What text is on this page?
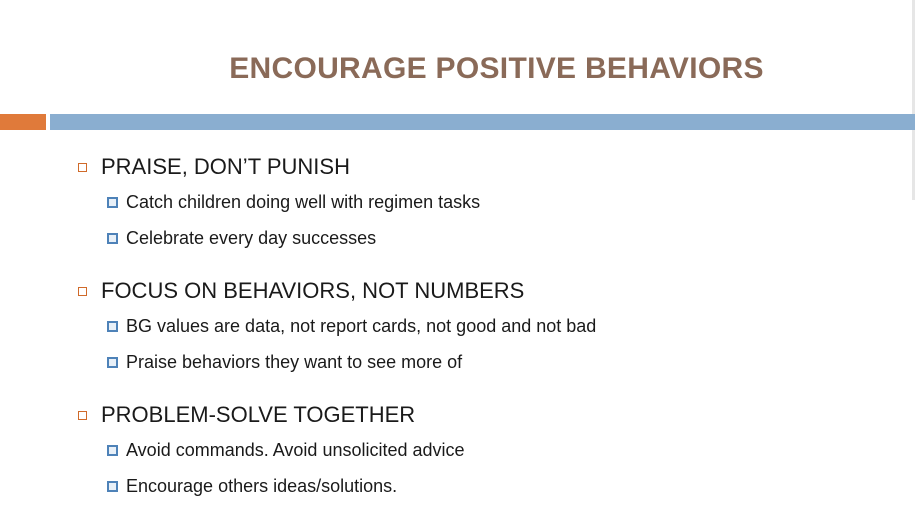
ENCOURAGE POSITIVE BEHAVIORS
PRAISE, DON’T PUNISH
Catch children doing well with regimen tasks
Celebrate every day successes
FOCUS ON BEHAVIORS, NOT NUMBERS
BG values are data, not report cards, not good and not bad
Praise behaviors they want to see more of
PROBLEM-SOLVE TOGETHER
Avoid commands. Avoid unsolicited advice
Encourage others ideas/solutions.
